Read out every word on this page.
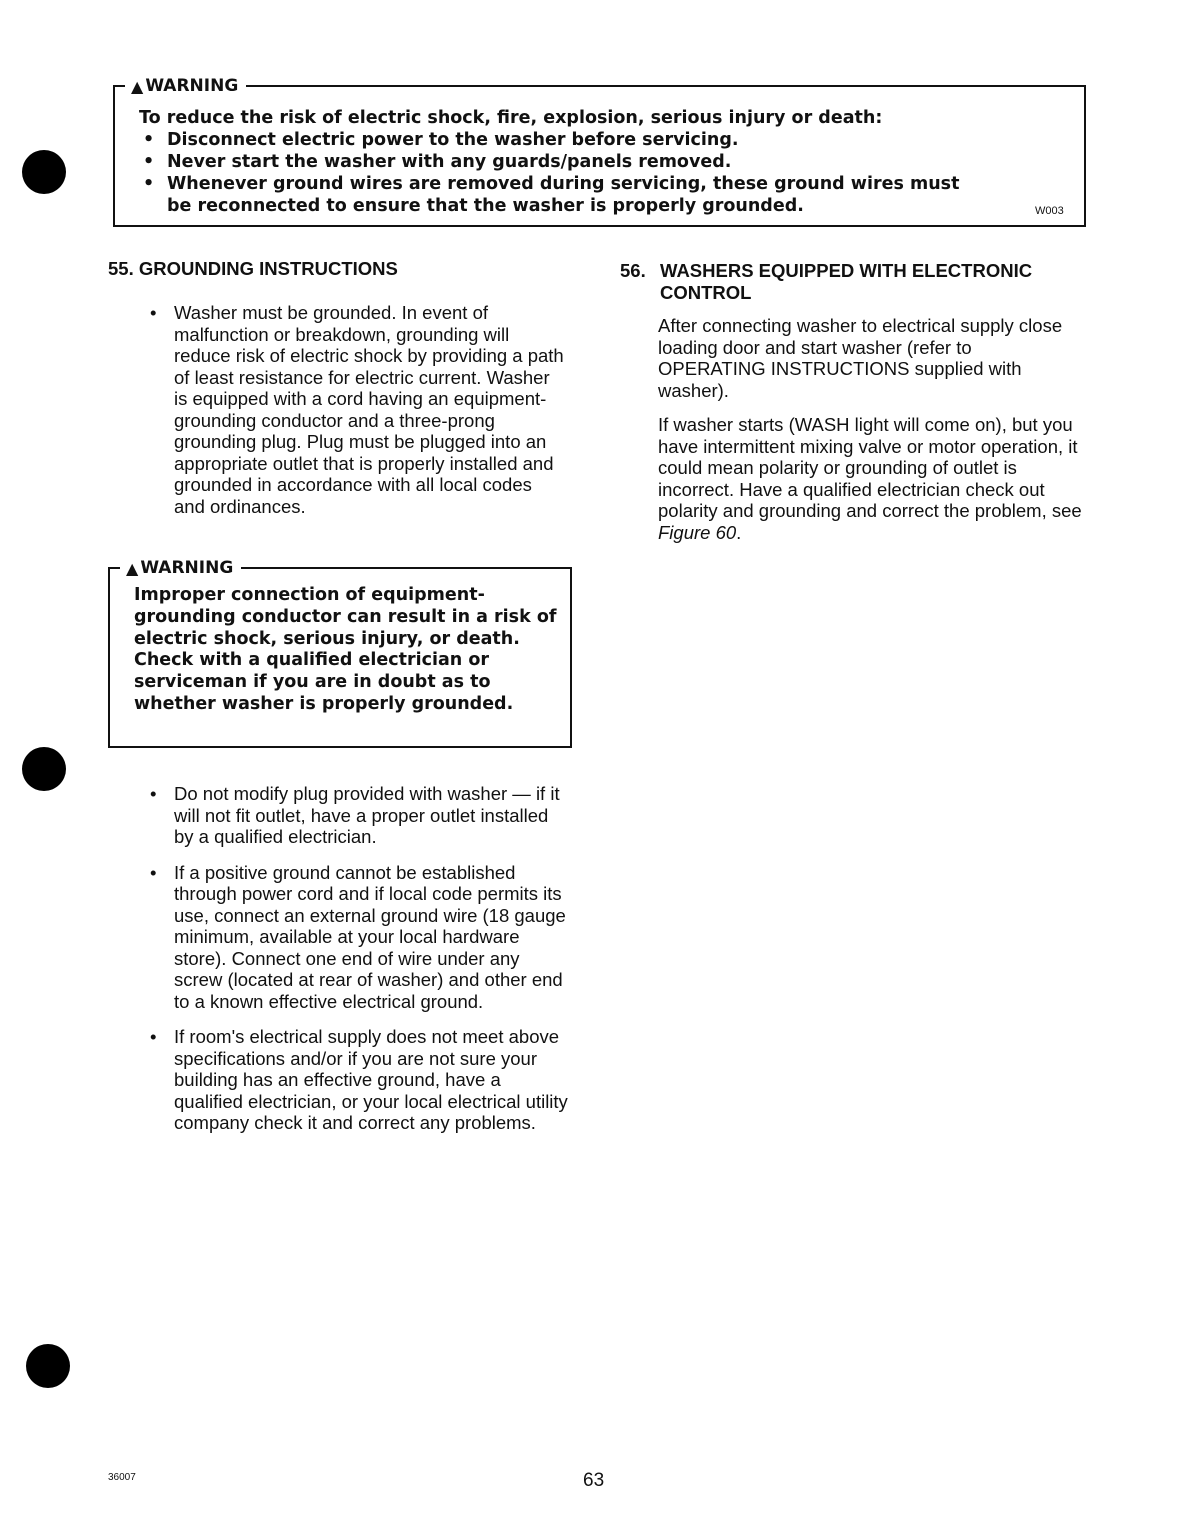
▲ WARNING
To reduce the risk of electric shock, fire, explosion, serious injury or death:
• Disconnect electric power to the washer before servicing.
• Never start the washer with any guards/panels removed.
• Whenever ground wires are removed during servicing, these ground wires must be reconnected to ensure that the washer is properly grounded.	W003
55. GROUNDING INSTRUCTIONS
• Washer must be grounded. In event of malfunction or breakdown, grounding will reduce risk of electric shock by providing a path of least resistance for electric current. Washer is equipped with a cord having an equipment-grounding conductor and a three-prong grounding plug. Plug must be plugged into an appropriate outlet that is properly installed and grounded in accordance with all local codes and ordinances.
▲ WARNING
Improper connection of equipment-grounding conductor can result in a risk of electric shock, serious injury, or death. Check with a qualified electrician or serviceman if you are in doubt as to whether washer is properly grounded.
• Do not modify plug provided with washer — if it will not fit outlet, have a proper outlet installed by a qualified electrician.
• If a positive ground cannot be established through power cord and if local code permits its use, connect an external ground wire (18 gauge minimum, available at your local hardware store). Connect one end of wire under any screw (located at rear of washer) and other end to a known effective electrical ground.
• If room's electrical supply does not meet above specifications and/or if you are not sure your building has an effective ground, have a qualified electrician, or your local electrical utility company check it and correct any problems.
56. WASHERS EQUIPPED WITH ELECTRONIC CONTROL

After connecting washer to electrical supply close loading door and start washer (refer to OPERATING INSTRUCTIONS supplied with washer).

If washer starts (WASH light will come on), but you have intermittent mixing valve or motor operation, it could mean polarity or grounding of outlet is incorrect. Have a qualified electrician check out polarity and grounding and correct the problem, see Figure 60.

36007	63
